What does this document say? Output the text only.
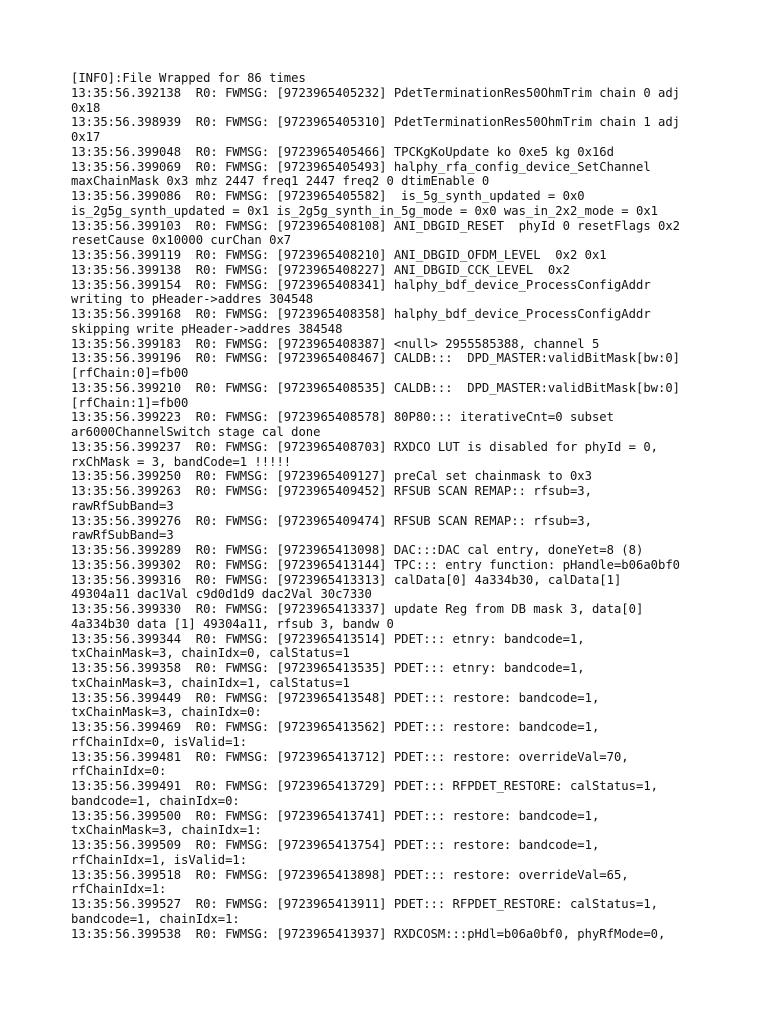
[INFO]:File Wrapped for 86 times
13:35:56.392138  R0: FWMSG: [9723965405232] PdetTerminationRes50OhmTrim chain 0 adj
0x18
13:35:56.398939  R0: FWMSG: [9723965405310] PdetTerminationRes50OhmTrim chain 1 adj
0x17
13:35:56.399048  R0: FWMSG: [9723965405466] TPCKgKoUpdate ko 0xe5 kg 0x16d
13:35:56.399069  R0: FWMSG: [9723965405493] halphy_rfa_config_device_SetChannel
maxChainMask 0x3 mhz 2447 freq1 2447 freq2 0 dtimEnable 0
13:35:56.399086  R0: FWMSG: [9723965405582]  is_5g_synth_updated = 0x0
is_2g5g_synth_updated = 0x1 is_2g5g_synth_in_5g_mode = 0x0 was_in_2x2_mode = 0x1
13:35:56.399103  R0: FWMSG: [9723965408108] ANI_DBGID_RESET  phyId 0 resetFlags 0x2
resetCause 0x10000 curChan 0x7
13:35:56.399119  R0: FWMSG: [9723965408210] ANI_DBGID_OFDM_LEVEL  0x2 0x1
13:35:56.399138  R0: FWMSG: [9723965408227] ANI_DBGID_CCK_LEVEL  0x2
13:35:56.399154  R0: FWMSG: [9723965408341] halphy_bdf_device_ProcessConfigAddr
writing to pHeader->addres 304548
13:35:56.399168  R0: FWMSG: [9723965408358] halphy_bdf_device_ProcessConfigAddr
skipping write pHeader->addres 384548
13:35:56.399183  R0: FWMSG: [9723965408387] <null> 2955585388, channel 5
13:35:56.399196  R0: FWMSG: [9723965408467] CALDB:::  DPD_MASTER:validBitMask[bw:0]
[rfChain:0]=fb00
13:35:56.399210  R0: FWMSG: [9723965408535] CALDB:::  DPD_MASTER:validBitMask[bw:0]
[rfChain:1]=fb00
13:35:56.399223  R0: FWMSG: [9723965408578] 80P80::: iterativeCnt=0 subset
ar6000ChannelSwitch stage cal done
13:35:56.399237  R0: FWMSG: [9723965408703] RXDCO LUT is disabled for phyId = 0,
rxChMask = 3, bandCode=1 !!!!!
13:35:56.399250  R0: FWMSG: [9723965409127] preCal set chainmask to 0x3
13:35:56.399263  R0: FWMSG: [9723965409452] RFSUB SCAN REMAP:: rfsub=3,
rawRfSubBand=3
13:35:56.399276  R0: FWMSG: [9723965409474] RFSUB SCAN REMAP:: rfsub=3,
rawRfSubBand=3
13:35:56.399289  R0: FWMSG: [9723965413098] DAC:::DAC cal entry, doneYet=8 (8)
13:35:56.399302  R0: FWMSG: [9723965413144] TPC::: entry function: pHandle=b06a0bf0
13:35:56.399316  R0: FWMSG: [9723965413313] calData[0] 4a334b30, calData[1]
49304a11 dac1Val c9d0d1d9 dac2Val 30c7330
13:35:56.399330  R0: FWMSG: [9723965413337] update Reg from DB mask 3, data[0]
4a334b30 data [1] 49304a11, rfsub 3, bandw 0
13:35:56.399344  R0: FWMSG: [9723965413514] PDET::: etnry: bandcode=1,
txChainMask=3, chainIdx=0, calStatus=1
13:35:56.399358  R0: FWMSG: [9723965413535] PDET::: etnry: bandcode=1,
txChainMask=3, chainIdx=1, calStatus=1
13:35:56.399449  R0: FWMSG: [9723965413548] PDET::: restore: bandcode=1,
txChainMask=3, chainIdx=0:
13:35:56.399469  R0: FWMSG: [9723965413562] PDET::: restore: bandcode=1,
rfChainIdx=0, isValid=1:
13:35:56.399481  R0: FWMSG: [9723965413712] PDET::: restore: overrideVal=70,
rfChainIdx=0:
13:35:56.399491  R0: FWMSG: [9723965413729] PDET::: RFPDET_RESTORE: calStatus=1,
bandcode=1, chainIdx=0:
13:35:56.399500  R0: FWMSG: [9723965413741] PDET::: restore: bandcode=1,
txChainMask=3, chainIdx=1:
13:35:56.399509  R0: FWMSG: [9723965413754] PDET::: restore: bandcode=1,
rfChainIdx=1, isValid=1:
13:35:56.399518  R0: FWMSG: [9723965413898] PDET::: restore: overrideVal=65,
rfChainIdx=1:
13:35:56.399527  R0: FWMSG: [9723965413911] PDET::: RFPDET_RESTORE: calStatus=1,
bandcode=1, chainIdx=1:
13:35:56.399538  R0: FWMSG: [9723965413937] RXDCOSM:::pHdl=b06a0bf0, phyRfMode=0,
